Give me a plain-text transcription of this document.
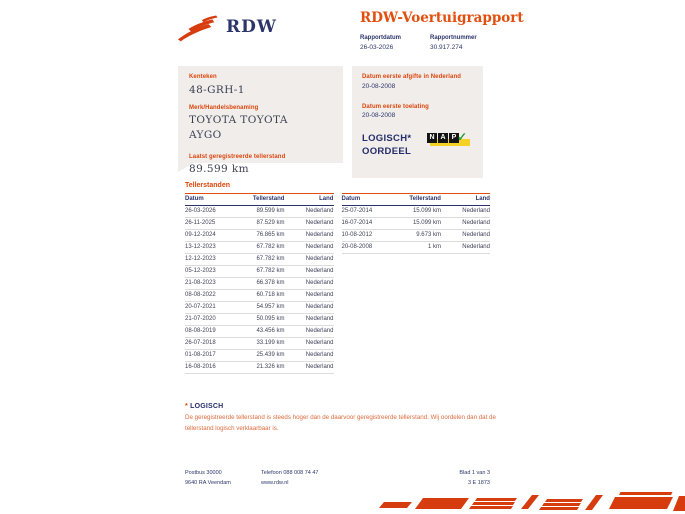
RDW	RDW-Voertuigrapport
Rapportdatum
26-03-2026
Rapportnummer
30.917.274
Kenteken
48-GRH-1
Merk/Handelsbenaming
TOYOTA TOYOTA AYGO
Laatst geregistreerde tellerstand
89.599 km
Datum eerste afgifte in Nederland
20-08-2008
Datum eerste toelating
20-08-2008
LOGISCH*
OORDEEL
N A P ✓
Tellerstanden
Datum	Tellerstand	Land
26-03-2026	89.599 km	Nederland
26-11-2025	87.529 km	Nederland
09-12-2024	76.865 km	Nederland
13-12-2023	67.782 km	Nederland
12-12-2023	67.782 km	Nederland
05-12-2023	67.782 km	Nederland
21-08-2023	66.378 km	Nederland
08-08-2022	60.718 km	Nederland
20-07-2021	54.957 km	Nederland
21-07-2020	50.095 km	Nederland
08-08-2019	43.456 km	Nederland
26-07-2018	33.199 km	Nederland
01-08-2017	25.439 km	Nederland
16-08-2016	21.326 km	Nederland
Datum	Tellerstand	Land
25-07-2014	15.099 km	Nederland
16-07-2014	15.099 km	Nederland
10-08-2012	9.673 km	Nederland
20-08-2008	1 km	Nederland
* LOGISCH

De geregistreerde tellerstand is steeds hoger dan de daarvoor geregistreerde tellerstand. Wij oordelen dan dat de tellerstand logisch verklaarbaar is.

Postbus 30000
9640 RA Veendam
Telefoon 088 008 74 47
www.rdw.nl
Blad 1 van 3
3 E 1873
